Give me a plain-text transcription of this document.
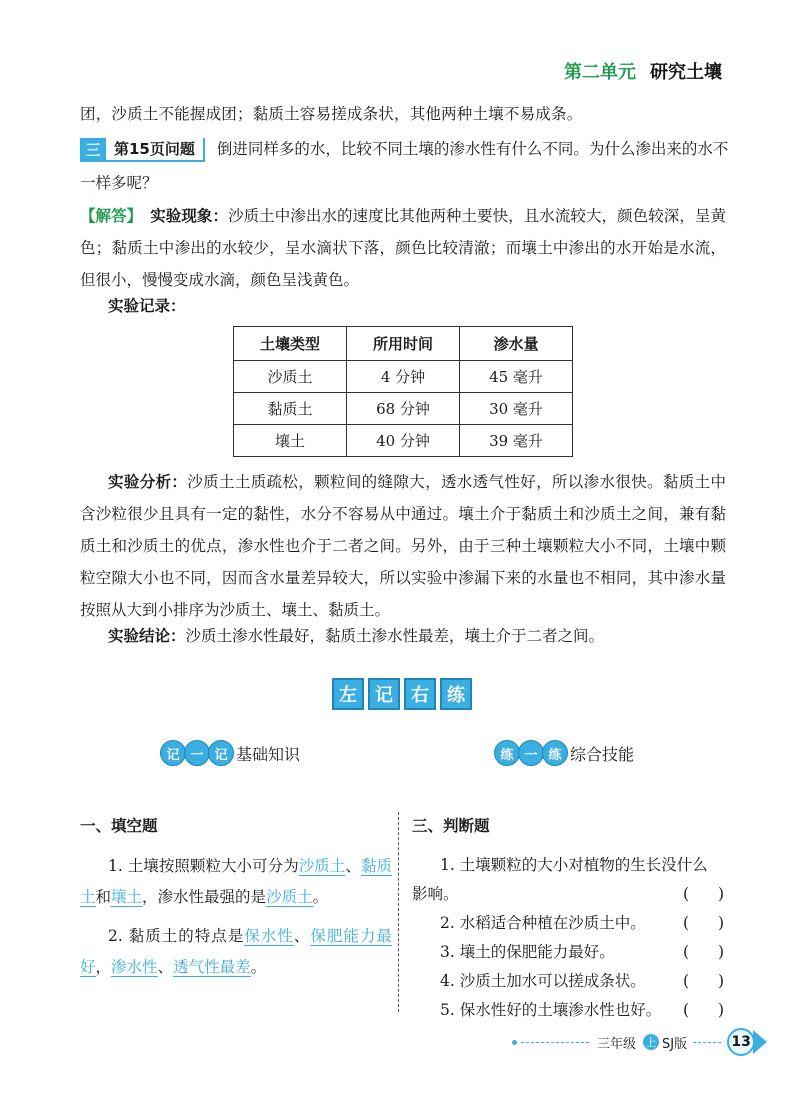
第二单元 研究土壤
团，沙质土不能握成团；黏质土容易搓成条状，其他两种土壤不易成条。
三 第15页问题	倒进同样多的水，比较不同土壤的渗水性有什么不同。为什么渗出来的水不一样多呢？
【解答】 实验现象：沙质土中渗出水的速度比其他两种土要快，且水流较大，颜色较深，呈黄色；黏质土中渗出的水较少，呈水滴状下落，颜色比较清澈；而壤土中渗出的水开始是水流，但很小，慢慢变成水滴，颜色呈浅黄色。
实验记录：
土壤类型	所用时间	渗水量
沙质土	4 分钟	45 毫升
黏质土	68 分钟	30 毫升
壤土	40 分钟	39 毫升
实验分析：沙质土土质疏松，颗粒间的缝隙大，透水透气性好，所以渗水很快。黏质土中含沙粒很少且具有一定的黏性，水分不容易从中通过。壤土介于黏质土和沙质土之间，兼有黏质土和沙质土的优点，渗水性也介于二者之间。另外，由于三种土壤颗粒大小不同，土壤中颗粒空隙大小也不同，因而含水量差异较大，所以实验中渗漏下来的水量也不相同，其中渗水量按照从大到小排序为沙质土、壤土、黏质土。
实验结论：沙质土渗水性最好，黏质土渗水性最差，壤土介于二者之间。
左	记	右	练
记 一 记 基础知识	练 一 练 综合技能
一、填空题
1. 土壤按照颗粒大小可分为沙质土、黏质土和壤土，渗水性最强的是沙质土。
2. 黏质土的特点是保水性、保肥能力最好，渗水性、透气性最差。
三、判断题
1. 土壤颗粒的大小对植物的生长没什么
影响。	( )
2. 水稻适合种植在沙质土中。 ( )
3. 壤土的保肥能力最好。	( )
4. 沙质土加水可以搓成条状。 ( )
5. 保水性好的土壤渗水性也好。 ( )
三年级 上 SJ版	13
